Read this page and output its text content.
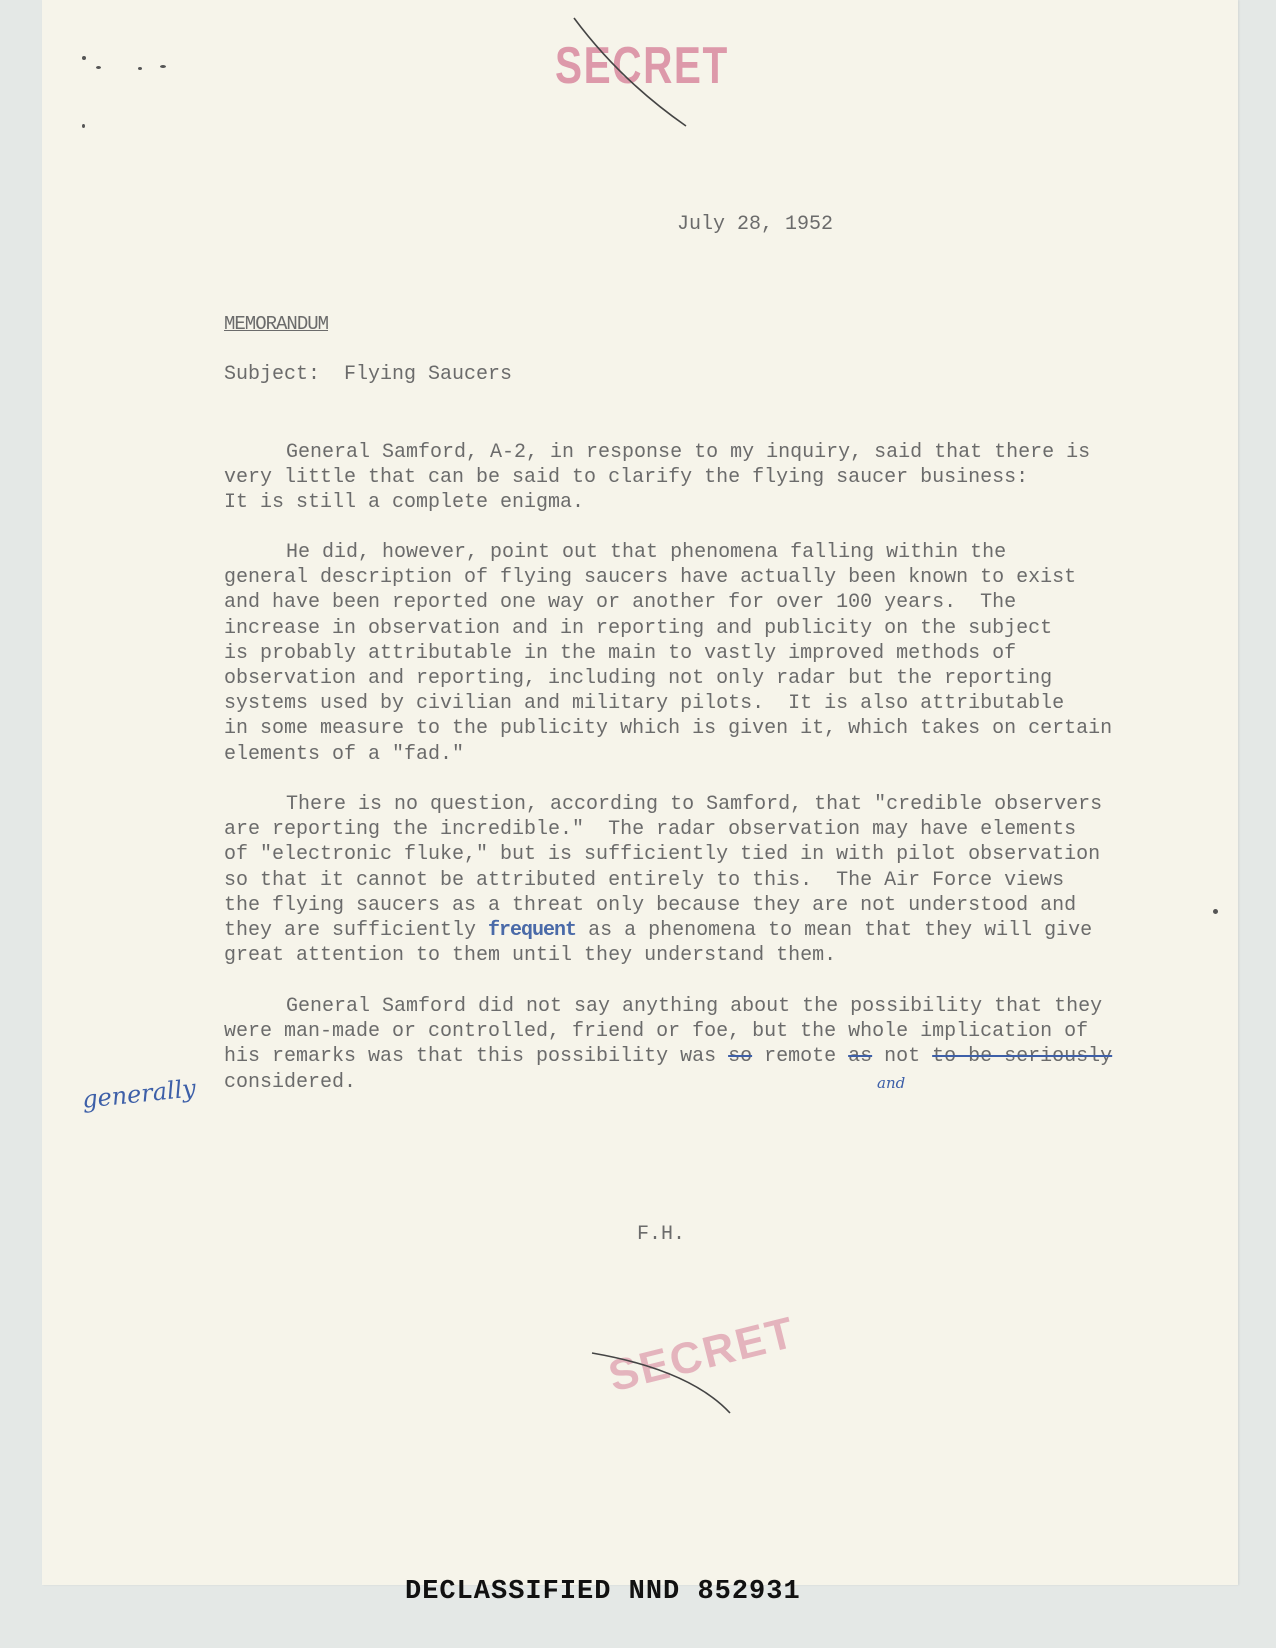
SECRET
SECRET
July 28, 1952
MEMORANDUM
Subject: Flying Saucers
General Samford, A-2, in response to my inquiry, said that there is
very little that can be said to clarify the flying saucer business:
It is still a complete enigma.
He did, however, point out that phenomena falling within the
general description of flying saucers have actually been known to exist
and have been reported one way or another for over 100 years.  The
increase in observation and in reporting and publicity on the subject
is probably attributable in the main to vastly improved methods of
observation and reporting, including not only radar but the reporting
systems used by civilian and military pilots.  It is also attributable
in some measure to the publicity which is given it, which takes on certain
elements of a "fad."
There is no question, according to Samford, that "credible observers
are reporting the incredible."  The radar observation may have elements
of "electronic fluke," but is sufficiently tied in with pilot observation
so that it cannot be attributed entirely to this.  The Air Force views
the flying saucers as a threat only because they are not understood and
they are sufficiently frequent as a phenomena to mean that they will give
great attention to them until they understand them.
General Samford did not say anything about the possibility that they
were man-made or controlled, friend or foe, but the whole implication of
his remarks was that this possibility was so remote as not to be seriously
considered.
generally	and
F.H.
DECLASSIFIED NND 852931
